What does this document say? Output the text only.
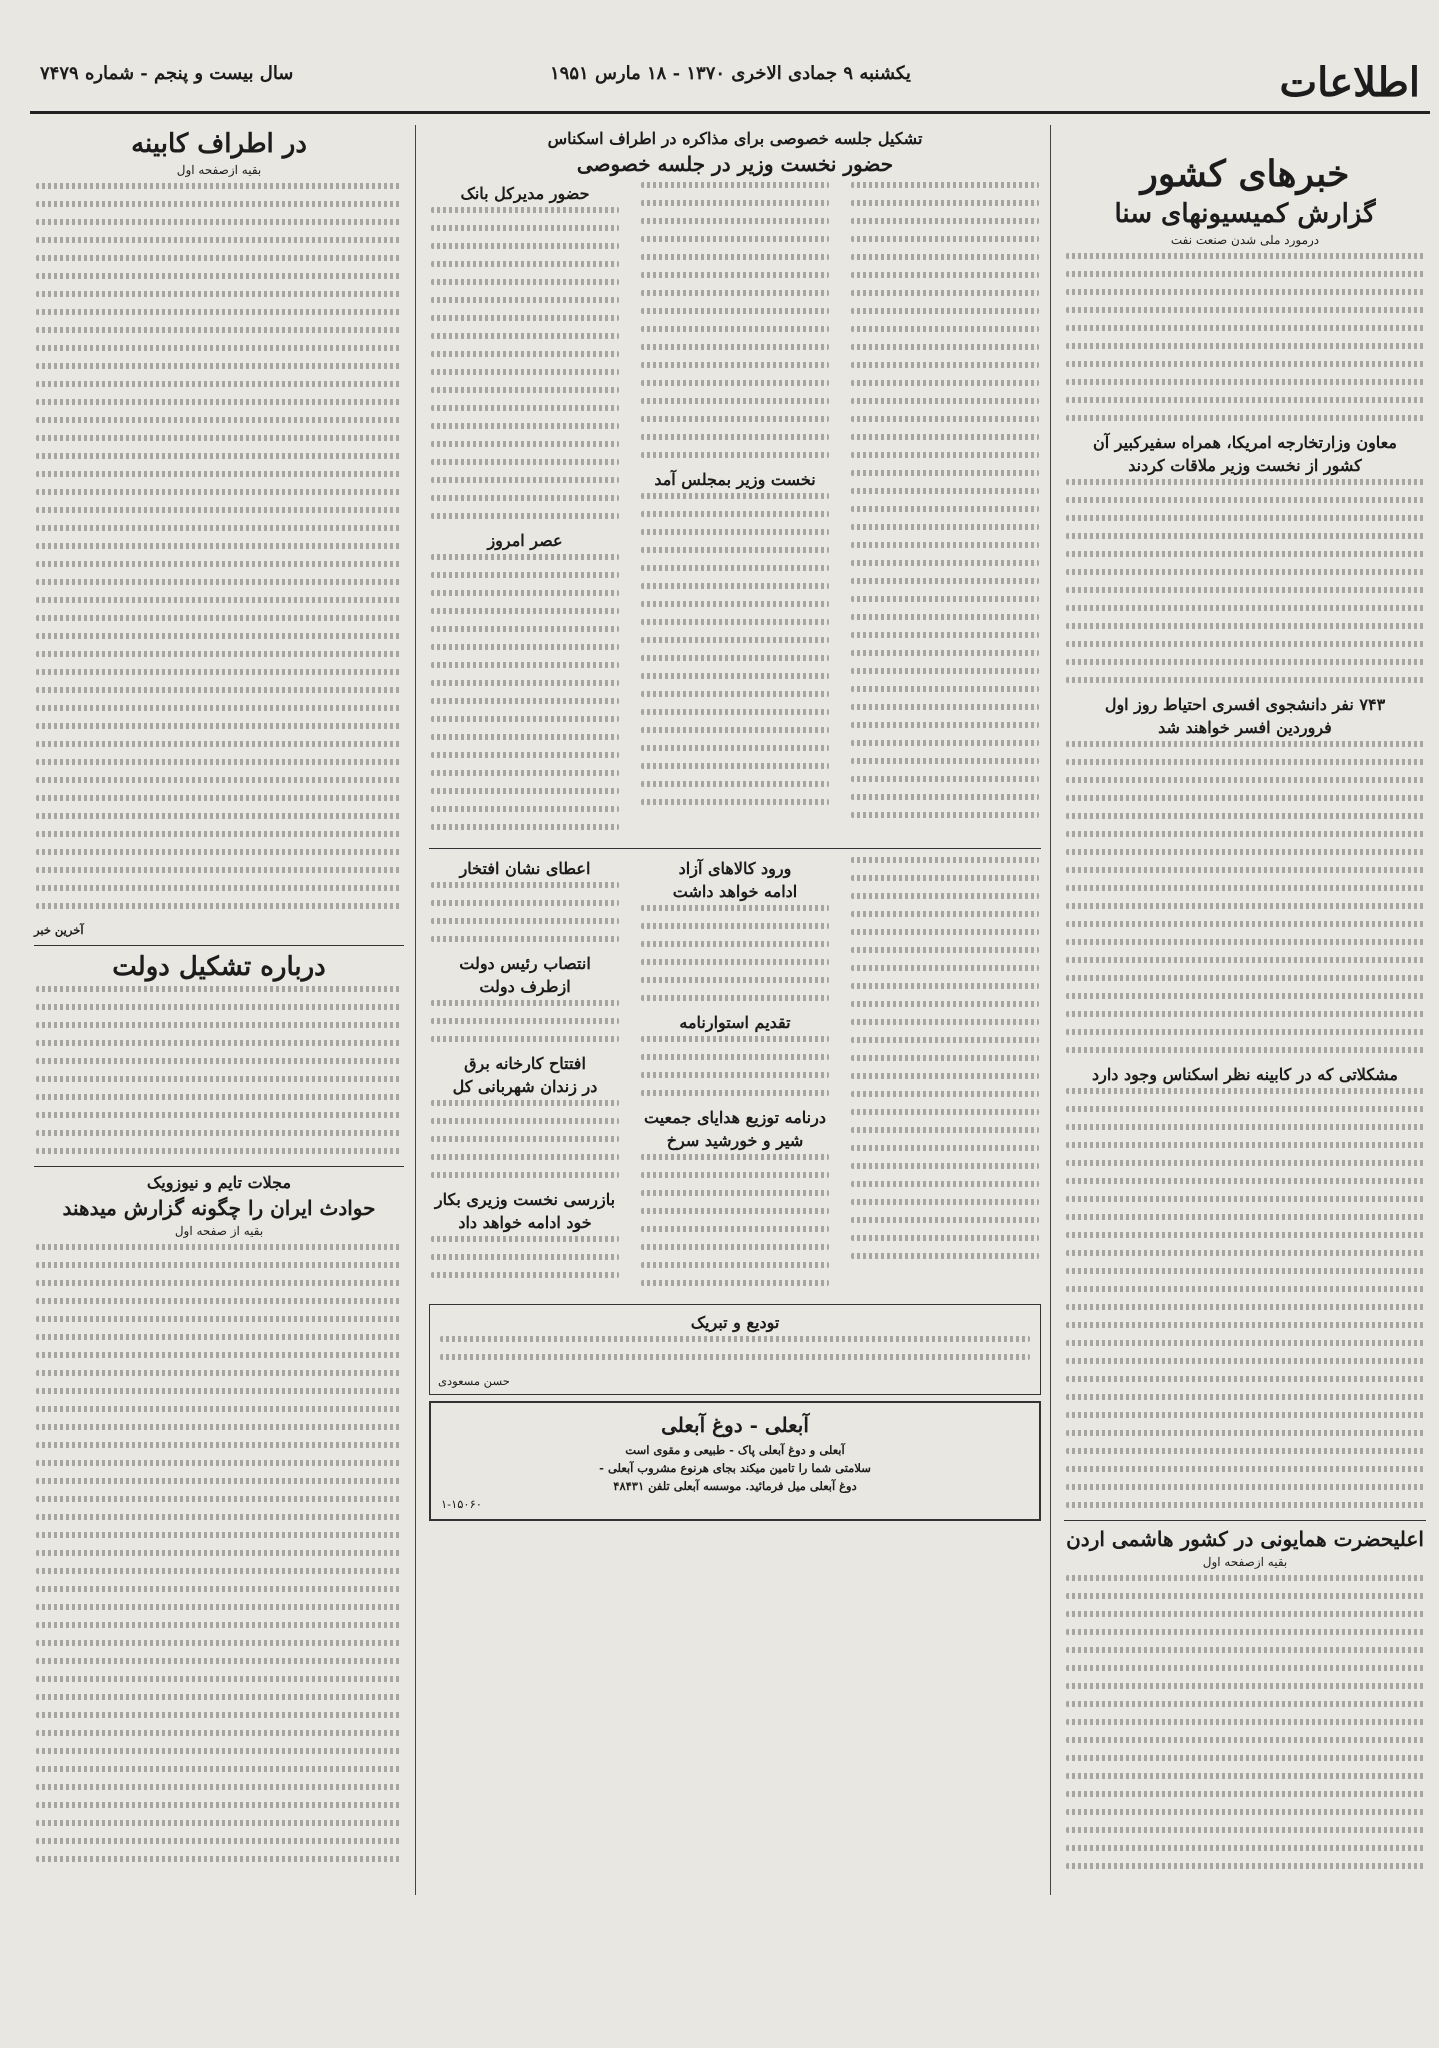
اطلاعات
یکشنبه ۹ جمادی الاخری ۱۳۷۰ - ۱۸ مارس ۱۹۵۱
سال بیست و پنجم - شماره ۷۴۷۹
خبرهای کشور
گزارش کمیسیونهای سنا
درمورد ملی شدن صنعت نفت
معاون وزارتخارجه امریکا، همراه سفیرکبیر آن
کشور از نخست وزیر ملاقات کردند
۷۴۳ نفر دانشجوی افسری احتیاط روز اول
فروردین افسر خواهند شد
مشکلاتی که در کابینه نظر اسکناس وجود دارد
اعلیحضرت همایونی در کشور هاشمی اردن
بقیه ازصفحه اول
تشکیل جلسه خصوصی برای مذاکره در اطراف اسکناس
حضور نخست وزیر در جلسه خصوصی
نخست وزیر بمجلس آمد
حضور مدیرکل بانک
عصر امروز
ورود کالاهای آزاد
ادامه خواهد داشت
تقدیم استوارنامه
درنامه توزیع هدایای جمعیت
شیر و خورشید سرخ
اعطای نشان افتخار
انتصاب رئیس دولت
ازطرف دولت
افتتاح کارخانه برق
در زندان شهربانی کل
بازرسی نخست وزیری بکار
خود ادامه خواهد داد
تودیع و تبریک
حسن مسعودی
آبعلی - دوغ آبعلی
آبعلی و دوغ آبعلی پاک - طبیعی و مقوی است
سلامتی شما را تامین میکند بجای هرنوع مشروب آبعلی -
دوغ آبعلی میل فرمائید. موسسه آبعلی تلفن ۴۸۴۳۱
۱-۱۵۰۶۰
در اطراف کابینه
بقیه ازصفحه اول
آخرین خبر
درباره تشکیل دولت
مجلات تایم و نیوزویک
حوادث ایران را چگونه گزارش میدهند
بقیه از صفحه اول
